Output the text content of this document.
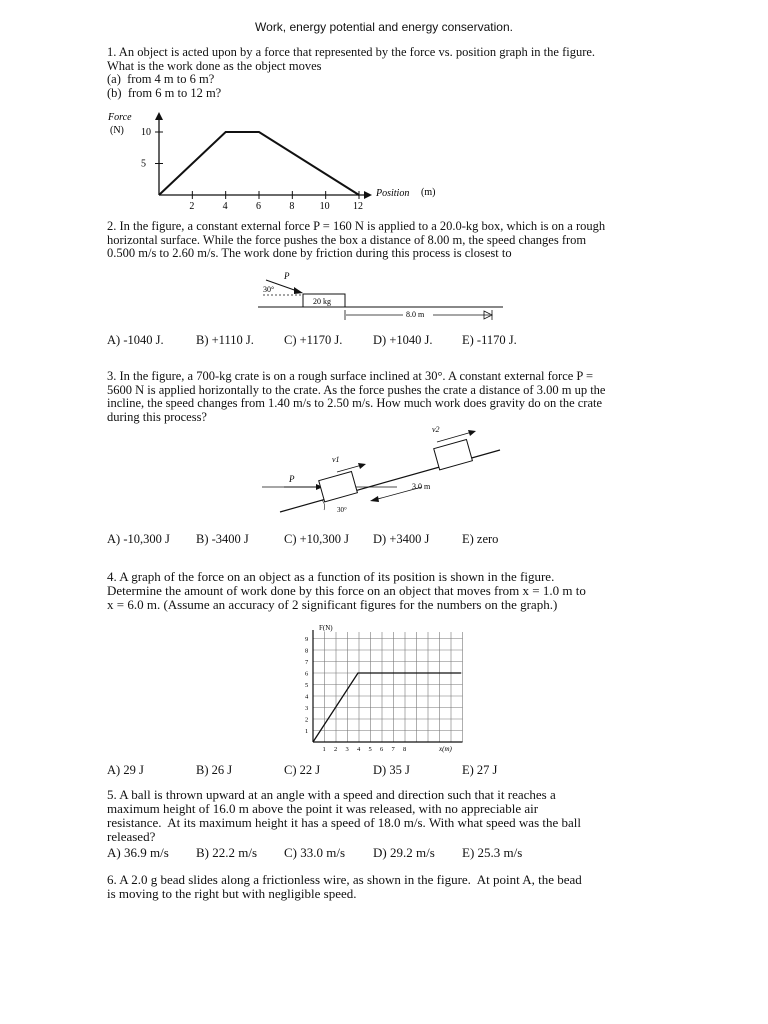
Work, energy potential and energy conservation.
1. An object is acted upon by a force that represented by the force vs. position graph in the figure.
What is the work done as the object moves
(a)  from 4 m to 6 m?
(b)  from 6 m to 12 m?
Force
(N) 10
5
2	4	6	8	10 12
Position (m)
2. In the figure, a constant external force P = 160 N is applied to a 20.0-kg box, which is on a rough
horizontal surface. While the force pushes the box a distance of 8.00 m, the speed changes from
0.500 m/s to 2.60 m/s. The work done by friction during this process is closest to
P
30°
20 kg
8.0 m
A) -1040 J.	B) +1110 J. C) +1170 J. D) +1040 J. E) -1170 J.
3. In the figure, a 700-kg crate is on a rough surface inclined at 30°. A constant external force P =
5600 N is applied horizontally to the crate. As the force pushes the crate a distance of 3.00 m up the
incline, the speed changes from 1.40 m/s to 2.50 m/s. How much work does gravity do on the crate
during this process?
P
v1
v2
3.0 m
30°
A) -10,300 J B) -3400 J	C) +10,300 J D) +3400 J	E) zero
4. A graph of the force on an object as a function of its position is shown in the figure.
Determine the amount of work done by this force on an object that moves from x = 1.0 m to
x = 6.0 m. (Assume an accuracy of 2 significant figures for the numbers on the graph.)
F(N)
9
8
7
6
5
4
3
2
1
1 2 3 4 5 6 7 8	x(m)
A) 29 J	B) 26 J	C) 22 J	D) 35 J	E) 27 J
5. A ball is thrown upward at an angle with a speed and direction such that it reaches a
maximum height of 16.0 m above the point it was released, with no appreciable air
resistance.  At its maximum height it has a speed of 18.0 m/s. With what speed was the ball
released?
A) 36.9 m/s B) 22.2 m/s C) 33.0 m/s D) 29.2 m/s E) 25.3 m/s
6. A 2.0 g bead slides along a frictionless wire, as shown in the figure.  At point A, the bead
is moving to the right but with negligible speed.
